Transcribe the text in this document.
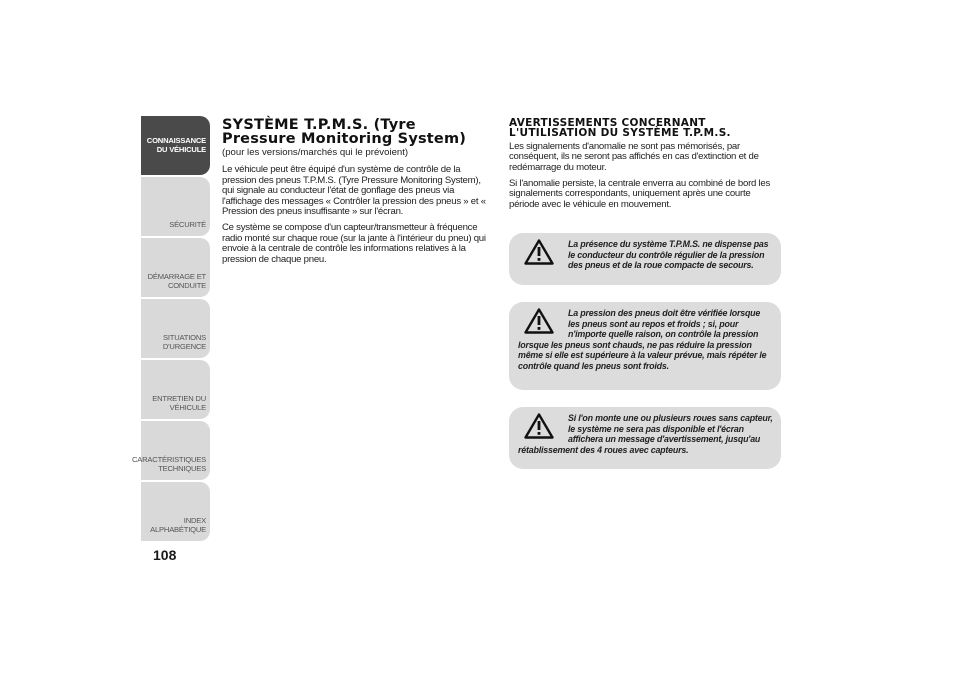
CONNAISSANCE
DU VÉHICULE
SÉCURITÉ
DÉMARRAGE ET
CONDUITE
SITUATIONS
D'URGENCE
ENTRETIEN DU
VÉHICULE
CARACTÉRISTIQUES
TECHNIQUES
INDEX
ALPHABÉTIQUE
108
SYSTÈME T.P.M.S. (Tyre
Pressure Monitoring System)

(pour les versions/marchés qui le prévoient)

Le véhicule peut être équipé d'un système de contrôle de la pression des pneus T.P.M.S. (Tyre Pressure Monitoring System), qui signale au conducteur l'état de gonflage des pneus via l'affichage des messages « Contrôler la pression des pneus » et « Pression des pneus insuffisante » sur l'écran.

Ce système se compose d'un capteur/transmetteur à fréquence radio monté sur chaque roue (sur la jante à l'intérieur du pneu) qui envoie à la centrale de contrôle les informations relatives à la pression de chaque pneu.

AVERTISSEMENTS CONCERNANT
L'UTILISATION DU SYSTÈME T.P.M.S.

Les signalements d'anomalie ne sont pas mémorisés, par conséquent, ils ne seront pas affichés en cas d'extinction et de redémarrage du moteur.

Si l'anomalie persiste, la centrale enverra au combiné de bord les signalements correspondants, uniquement après une courte période avec le véhicule en mouvement.

La présence du système T.P.M.S. ne dispense pas le conducteur du contrôle régulier de la pression des pneus et de la roue compacte de secours.

La pression des pneus doit être vérifiée lorsque les pneus sont au repos et froids ; si, pour n'importe quelle raison, on contrôle la pression lorsque les pneus sont chauds, ne pas réduire la pression même si elle est supérieure à la valeur prévue, mais répéter le contrôle quand les pneus sont froids.

Si l'on monte une ou plusieurs roues sans capteur, le système ne sera pas disponible et l'écran affichera un message d'avertissement, jusqu'au rétablissement des 4 roues avec capteurs.
